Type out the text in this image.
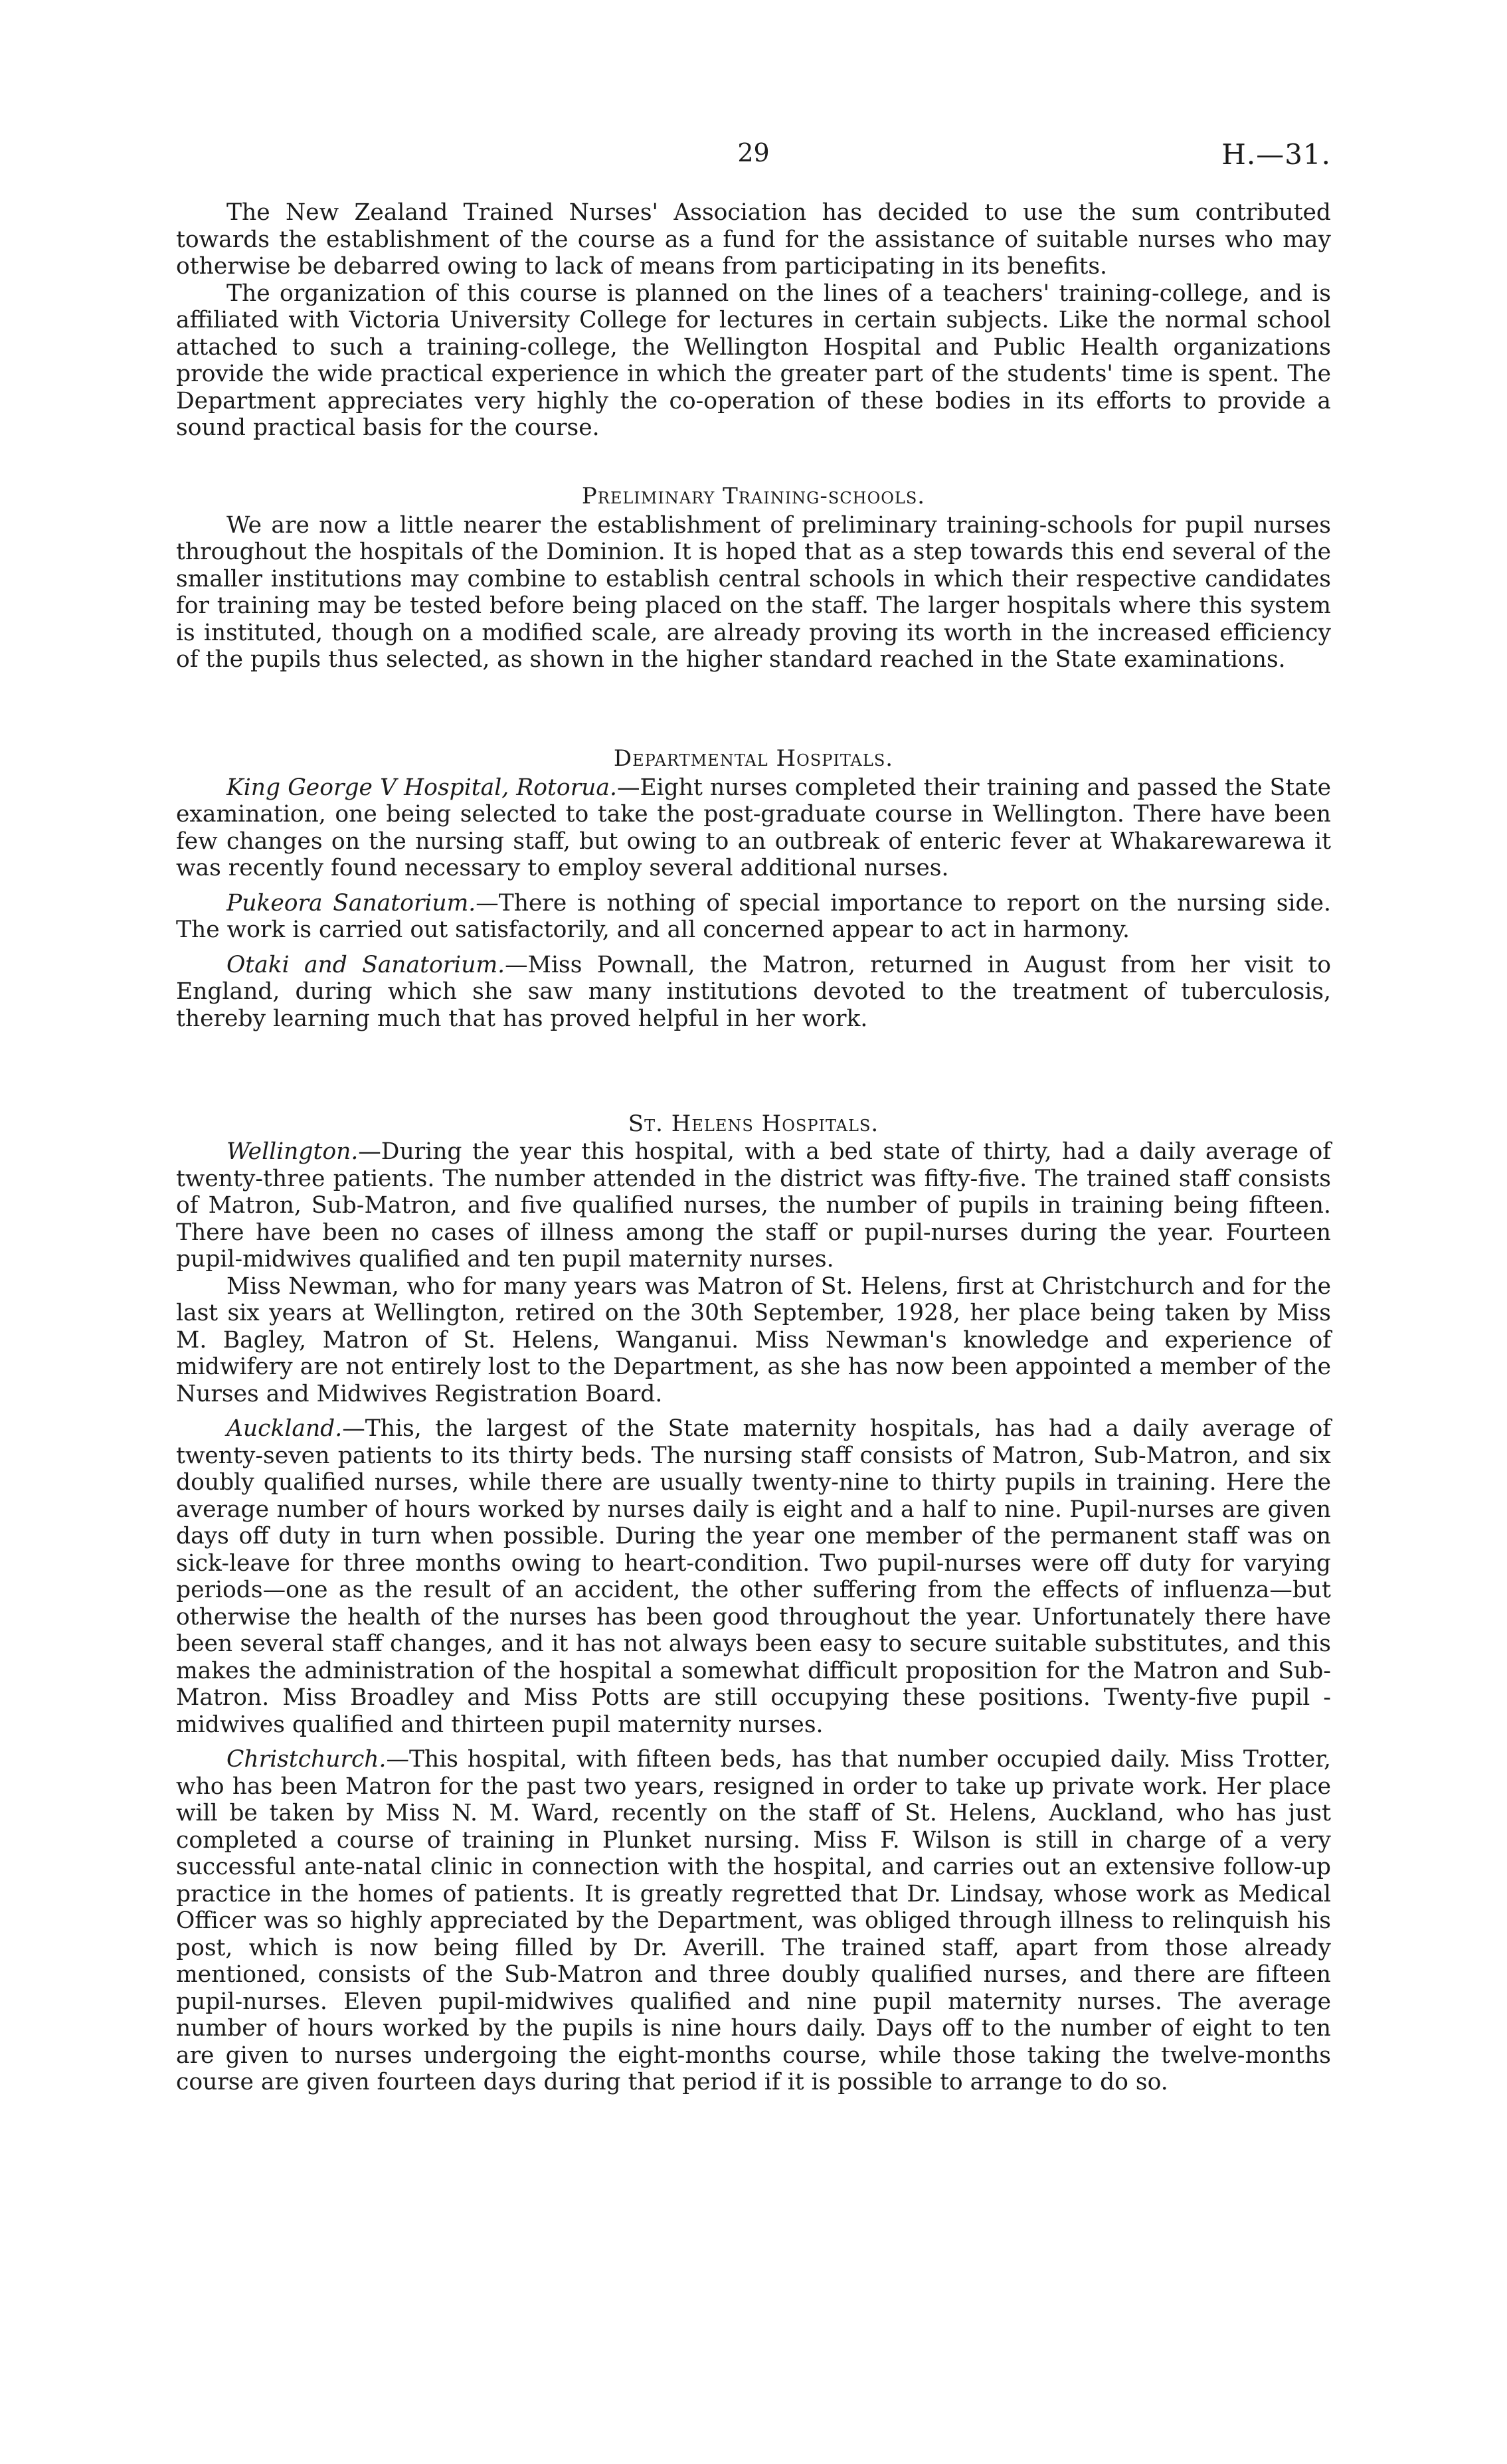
29	H.—31.

The New Zealand Trained Nurses' Association has decided to use the sum contributed towards the establishment of the course as a fund for the assistance of suitable nurses who may otherwise be debarred owing to lack of means from participating in its benefits.

The organization of this course is planned on the lines of a teachers' training-college, and is affiliated with Victoria University College for lectures in certain subjects. Like the normal school attached to such a training-college, the Wellington Hospital and Public Health organizations provide the wide practical experience in which the greater part of the students' time is spent. The Department appreciates very highly the co-operation of these bodies in its efforts to provide a sound practical basis for the course.

Preliminary Training-schools.

We are now a little nearer the establishment of preliminary training-schools for pupil nurses throughout the hospitals of the Dominion. It is hoped that as a step towards this end several of the smaller institutions may combine to establish central schools in which their respective candidates for training may be tested before being placed on the staff. The larger hospitals where this system is instituted, though on a modified scale, are already proving its worth in the increased efficiency of the pupils thus selected, as shown in the higher standard reached in the State examinations.

Departmental Hospitals.

King George V Hospital, Rotorua.—Eight nurses completed their training and passed the State examination, one being selected to take the post-graduate course in Wellington. There have been few changes on the nursing staff, but owing to an outbreak of enteric fever at Whakarewarewa it was recently found necessary to employ several additional nurses.

Pukeora Sanatorium.—There is nothing of special importance to report on the nursing side. The work is carried out satisfactorily, and all concerned appear to act in harmony.

Otaki and Sanatorium.—Miss Pownall, the Matron, returned in August from her visit to England, during which she saw many institutions devoted to the treatment of tuberculosis, thereby learning much that has proved helpful in her work.

St. Helens Hospitals.

Wellington.—During the year this hospital, with a bed state of thirty, had a daily average of twenty-three patients. The number attended in the district was fifty-five. The trained staff consists of Matron, Sub-Matron, and five qualified nurses, the number of pupils in training being fifteen. There have been no cases of illness among the staff or pupil-nurses during the year. Fourteen pupil-midwives qualified and ten pupil maternity nurses.

Miss Newman, who for many years was Matron of St. Helens, first at Christchurch and for the last six years at Wellington, retired on the 30th September, 1928, her place being taken by Miss M. Bagley, Matron of St. Helens, Wanganui. Miss Newman's knowledge and experience of midwifery are not entirely lost to the Department, as she has now been appointed a member of the Nurses and Midwives Registration Board.

Auckland.—This, the largest of the State maternity hospitals, has had a daily average of twenty-seven patients to its thirty beds. The nursing staff consists of Matron, Sub-Matron, and six doubly qualified nurses, while there are usually twenty-nine to thirty pupils in training. Here the average number of hours worked by nurses daily is eight and a half to nine. Pupil-nurses are given days off duty in turn when possible. During the year one member of the permanent staff was on sick-leave for three months owing to heart-condition. Two pupil-nurses were off duty for varying periods—one as the result of an accident, the other suffering from the effects of influenza—but otherwise the health of the nurses has been good throughout the year. Unfortunately there have been several staff changes, and it has not always been easy to secure suitable substitutes, and this makes the administration of the hospital a somewhat difficult proposition for the Matron and Sub-Matron. Miss Broadley and Miss Potts are still occupying these positions. Twenty-five pupil - midwives qualified and thirteen pupil maternity nurses.

Christchurch.—This hospital, with fifteen beds, has that number occupied daily. Miss Trotter, who has been Matron for the past two years, resigned in order to take up private work. Her place will be taken by Miss N. M. Ward, recently on the staff of St. Helens, Auckland, who has just completed a course of training in Plunket nursing. Miss F. Wilson is still in charge of a very successful ante-natal clinic in connection with the hospital, and carries out an extensive follow-up practice in the homes of patients. It is greatly regretted that Dr. Lindsay, whose work as Medical Officer was so highly appreciated by the Department, was obliged through illness to relinquish his post, which is now being filled by Dr. Averill. The trained staff, apart from those already mentioned, consists of the Sub-Matron and three doubly qualified nurses, and there are fifteen pupil-nurses. Eleven pupil-midwives qualified and nine pupil maternity nurses. The average number of hours worked by the pupils is nine hours daily. Days off to the number of eight to ten are given to nurses undergoing the eight-months course, while those taking the twelve-months course are given fourteen days during that period if it is possible to arrange to do so.
